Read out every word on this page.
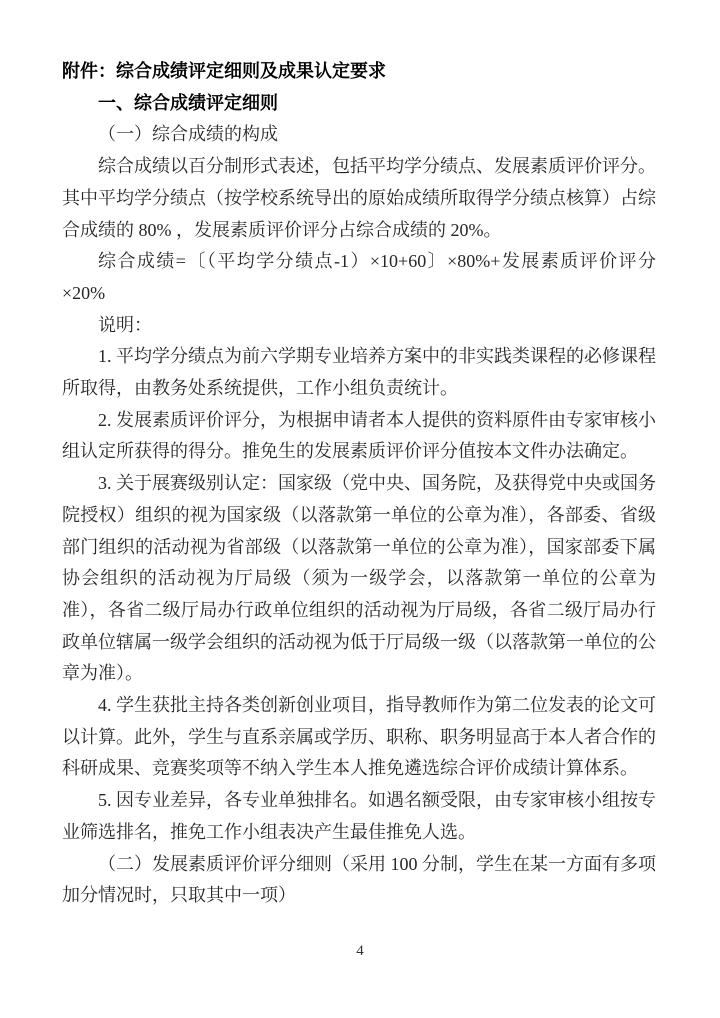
附件：综合成绩评定细则及成果认定要求

一、综合成绩评定细则

（一）综合成绩的构成

综合成绩以百分制形式表述，包括平均学分绩点、发展素质评价评分。其中平均学分绩点（按学校系统导出的原始成绩所取得学分绩点核算）占综合成绩的 80% ，发展素质评价评分占综合成绩的 20%。

综合成绩=〔（平均学分绩点-1）×10+60〕×80%+发展素质评价评分×20%

说明：

1. 平均学分绩点为前六学期专业培养方案中的非实践类课程的必修课程所取得，由教务处系统提供，工作小组负责统计。

2. 发展素质评价评分，为根据申请者本人提供的资料原件由专家审核小组认定所获得的得分。推免生的发展素质评价评分值按本文件办法确定。

3. 关于展赛级别认定：国家级（党中央、国务院，及获得党中央或国务院授权）组织的视为国家级（以落款第一单位的公章为准），各部委、省级部门组织的活动视为省部级（以落款第一单位的公章为准），国家部委下属协会组织的活动视为厅局级（须为一级学会，以落款第一单位的公章为准），各省二级厅局办行政单位组织的活动视为厅局级，各省二级厅局办行政单位辖属一级学会组织的活动视为低于厅局级一级（以落款第一单位的公章为准）。

4. 学生获批主持各类创新创业项目，指导教师作为第二位发表的论文可以计算。此外，学生与直系亲属或学历、职称、职务明显高于本人者合作的科研成果、竞赛奖项等不纳入学生本人推免遴选综合评价成绩计算体系。

5. 因专业差异，各专业单独排名。如遇名额受限，由专家审核小组按专业筛选排名，推免工作小组表决产生最佳推免人选。

（二）发展素质评价评分细则（采用 100 分制，学生在某一方面有多项加分情况时，只取其中一项）

4
